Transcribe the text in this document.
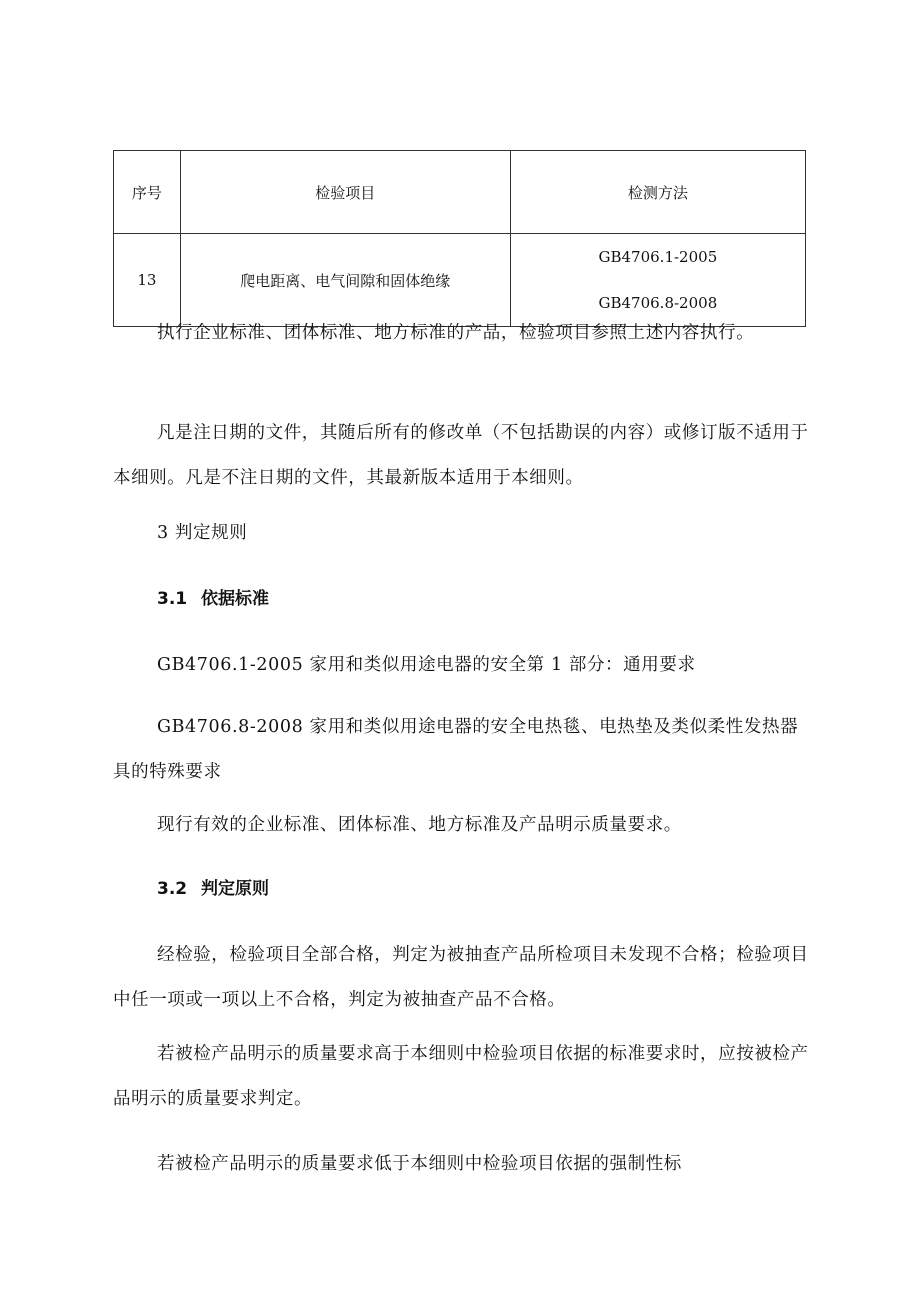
序号	检验项目	检测方法
13	爬电距离、电气间隙和固体绝缘	GB4706.1-2005
GB4706.8-2008

执行企业标准、团体标准、地方标准的产品，检验项目参照上述内容执行。

凡是注日期的文件，其随后所有的修改单（不包括勘误的内容）或修订版不适用于本细则。凡是不注日期的文件，其最新版本适用于本细则。

3 判定规则

3.1 依据标准

GB4706.1-2005 家用和类似用途电器的安全第 1 部分：通用要求

GB4706.8-2008 家用和类似用途电器的安全电热毯、电热垫及类似柔性发热器具的特殊要求

现行有效的企业标准、团体标准、地方标准及产品明示质量要求。

3.2 判定原则

经检验，检验项目全部合格，判定为被抽查产品所检项目未发现不合格；检验项目中任一项或一项以上不合格，判定为被抽查产品不合格。

若被检产品明示的质量要求高于本细则中检验项目依据的标准要求时，应按被检产品明示的质量要求判定。

若被检产品明示的质量要求低于本细则中检验项目依据的强制性标
